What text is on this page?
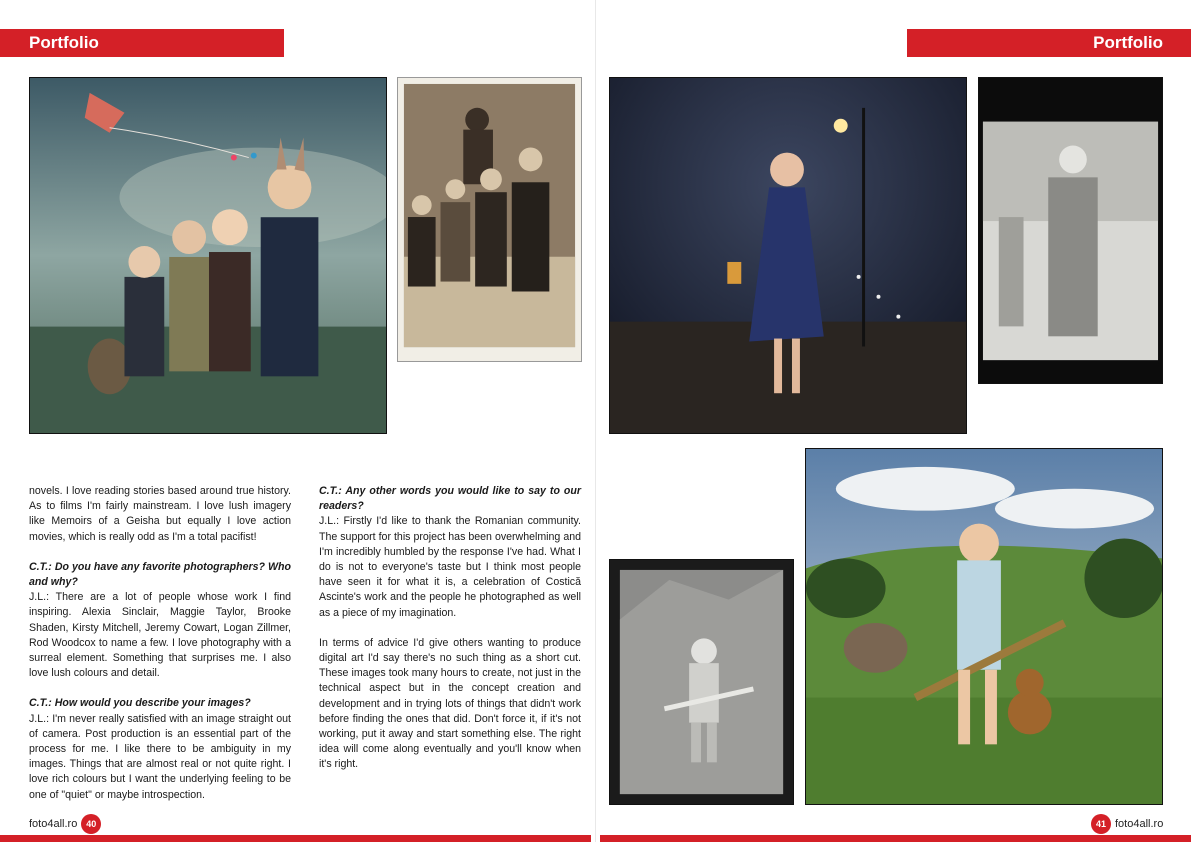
Portfolio	Portfolio

novels. I love reading stories based around true history. As to films I'm fairly mainstream. I love lush imagery like Memoirs of a Geisha but equally I love action movies, which is really odd as I'm a total pacifist!

C.T.: Do you have any favorite photographers? Who and why?
J.L.: There are a lot of people whose work I find inspiring. Alexia Sinclair, Maggie Taylor, Brooke Shaden, Kirsty Mitchell, Jeremy Cowart, Logan Zillmer, Rod Woodcox to name a few. I love photography with a surreal element. Something that surprises me. I also love lush colours and detail.

C.T.: How would you describe your images?
J.L.: I'm never really satisfied with an image straight out of camera. Post production is an essential part of the process for me. I like there to be ambiguity in my images. Things that are almost real or not quite right. I love rich colours but I want the underlying feeling to be one of "quiet" or maybe introspection.

C.T.: Any other words you would like to say to our readers?
J.L.: Firstly I'd like to thank the Romanian community. The support for this project has been overwhelming and I'm incredibly humbled by the response I've had. What I do is not to everyone's taste but I think most people have seen it for what it is, a celebration of Costică Ascinte's work and the people he photographed as well as a piece of my imagination.

In terms of advice I'd give others wanting to produce digital art I'd say there's no such thing as a short cut. These images took many hours to create, not just in the technical aspect but in the concept creation and development and in trying lots of things that didn't work before finding the ones that did. Don't force it, if it's not working, put it away and start something else. The right idea will come along eventually and you'll know when it's right.

foto4all.ro 40	41 foto4all.ro
